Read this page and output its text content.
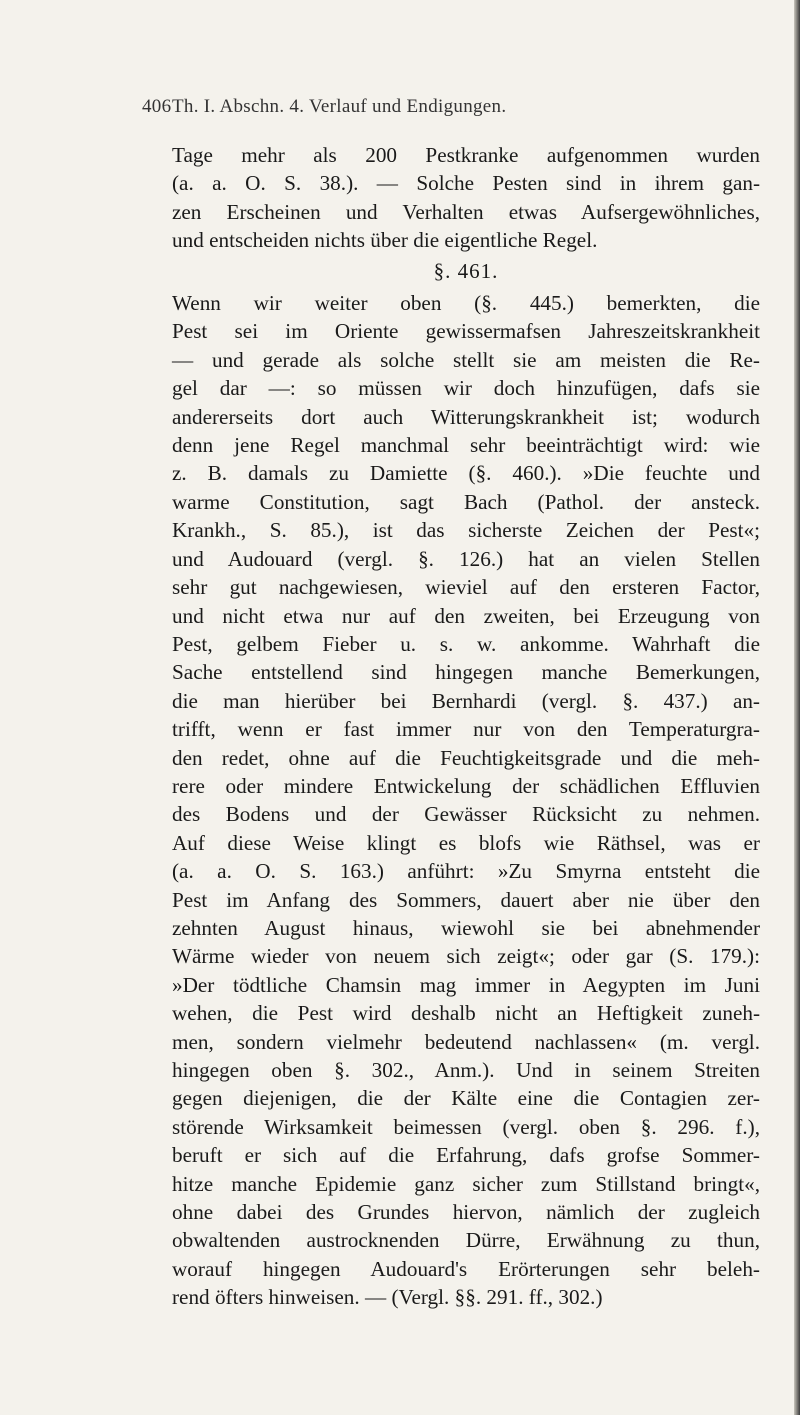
406 Th. I. Abschn. 4. Verlauf und Endigungen.
Tage mehr als 200 Pestkranke aufgenommen wurden
(a. a. O. S. 38.). — Solche Pesten sind in ihrem gan-
zen Erscheinen und Verhalten etwas Aufsergewöhnliches,
und entscheiden nichts über die eigentliche Regel.
§. 461.
Wenn wir weiter oben (§. 445.) bemerkten, die
Pest sei im Oriente gewissermafsen Jahreszeitskrankheit
— und gerade als solche stellt sie am meisten die Re-
gel dar —: so müssen wir doch hinzufügen, dafs sie
andererseits dort auch Witterungskrankheit ist; wodurch
denn jene Regel manchmal sehr beeinträchtigt wird: wie
z. B. damals zu Damiette (§. 460.). »Die feuchte und
warme Constitution, sagt Bach (Pathol. der ansteck.
Krankh., S. 85.), ist das sicherste Zeichen der Pest«;
und Audouard (vergl. §. 126.) hat an vielen Stellen
sehr gut nachgewiesen, wieviel auf den ersteren Factor,
und nicht etwa nur auf den zweiten, bei Erzeugung von
Pest, gelbem Fieber u. s. w. ankomme. Wahrhaft die
Sache entstellend sind hingegen manche Bemerkungen,
die man hierüber bei Bernhardi (vergl. §. 437.) an-
trifft, wenn er fast immer nur von den Temperaturgra-
den redet, ohne auf die Feuchtigkeitsgrade und die meh-
rere oder mindere Entwickelung der schädlichen Effluvien
des Bodens und der Gewässer Rücksicht zu nehmen.
Auf diese Weise klingt es blofs wie Räthsel, was er
(a. a. O. S. 163.) anführt: »Zu Smyrna entsteht die
Pest im Anfang des Sommers, dauert aber nie über den
zehnten August hinaus, wiewohl sie bei abnehmender
Wärme wieder von neuem sich zeigt«; oder gar (S. 179.):
»Der tödtliche Chamsin mag immer in Aegypten im Juni
wehen, die Pest wird deshalb nicht an Heftigkeit zuneh-
men, sondern vielmehr bedeutend nachlassen« (m. vergl.
hingegen oben §. 302., Anm.). Und in seinem Streiten
gegen diejenigen, die der Kälte eine die Contagien zer-
störende Wirksamkeit beimessen (vergl. oben §. 296. f.),
beruft er sich auf die Erfahrung, dafs grofse Sommer-
hitze manche Epidemie ganz sicher zum Stillstand bringt«,
ohne dabei des Grundes hiervon, nämlich der zugleich
obwaltenden austrocknenden Dürre, Erwähnung zu thun,
worauf hingegen Audouard's Erörterungen sehr beleh-
rend öfters hinweisen. — (Vergl. §§. 291. ff., 302.)
